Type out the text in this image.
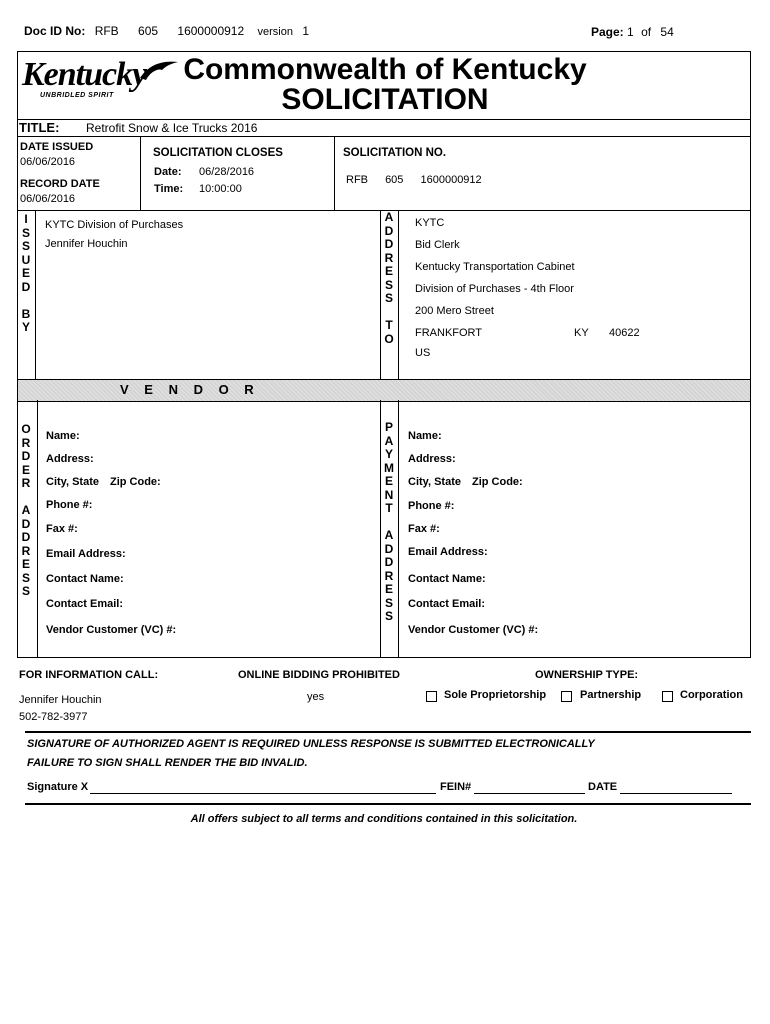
Doc ID No: RFB 605 1600000912 version 1	Page: 1 of 54
Kentucky
UNBRIDLED SPIRIT
Commonwealth of Kentucky
SOLICITATION
TITLE: Retrofit Snow & Ice Trucks 2016
DATE ISSUED
06/06/2016
RECORD DATE
06/06/2016
SOLICITATION CLOSES
Date: 06/28/2016
Time: 10:00:00
SOLICITATION NO.
RFB 605 1600000912
I
S
S
U
E
D
B
Y
KYTC Division of Purchases
Jennifer Houchin
A
D
D
R
E
S
S
T
O
KYTC
Bid Clerk
Kentucky Transportation Cabinet
Division of Purchases - 4th Floor
200 Mero Street
FRANKFORT	KY 40622
US
V E N D O R
O
R
D
E
R
A
D
D
R
E
S
S
Name:
Address:
City, State Zip Code:
Phone #:
Fax #:
Email Address:
Contact Name:
Contact Email:
Vendor Customer (VC) #:
P
A
Y
M
E
N
T
A
D
D
R
E
S
S
Name:
Address:
City, State Zip Code:
Phone #:
Fax #:
Email Address:
Contact Name:
Contact Email:
Vendor Customer (VC) #:
FOR INFORMATION CALL:
Jennifer Houchin
502-782-3977
ONLINE BIDDING PROHIBITED
yes
OWNERSHIP TYPE:
Sole Proprietorship	Partnership	Corporation
SIGNATURE OF AUTHORIZED AGENT IS REQUIRED UNLESS RESPONSE IS SUBMITTED ELECTRONICALLY
FAILURE TO SIGN SHALL RENDER THE BID INVALID.
Signature X	FEIN#	DATE
All offers subject to all terms and conditions contained in this solicitation.
